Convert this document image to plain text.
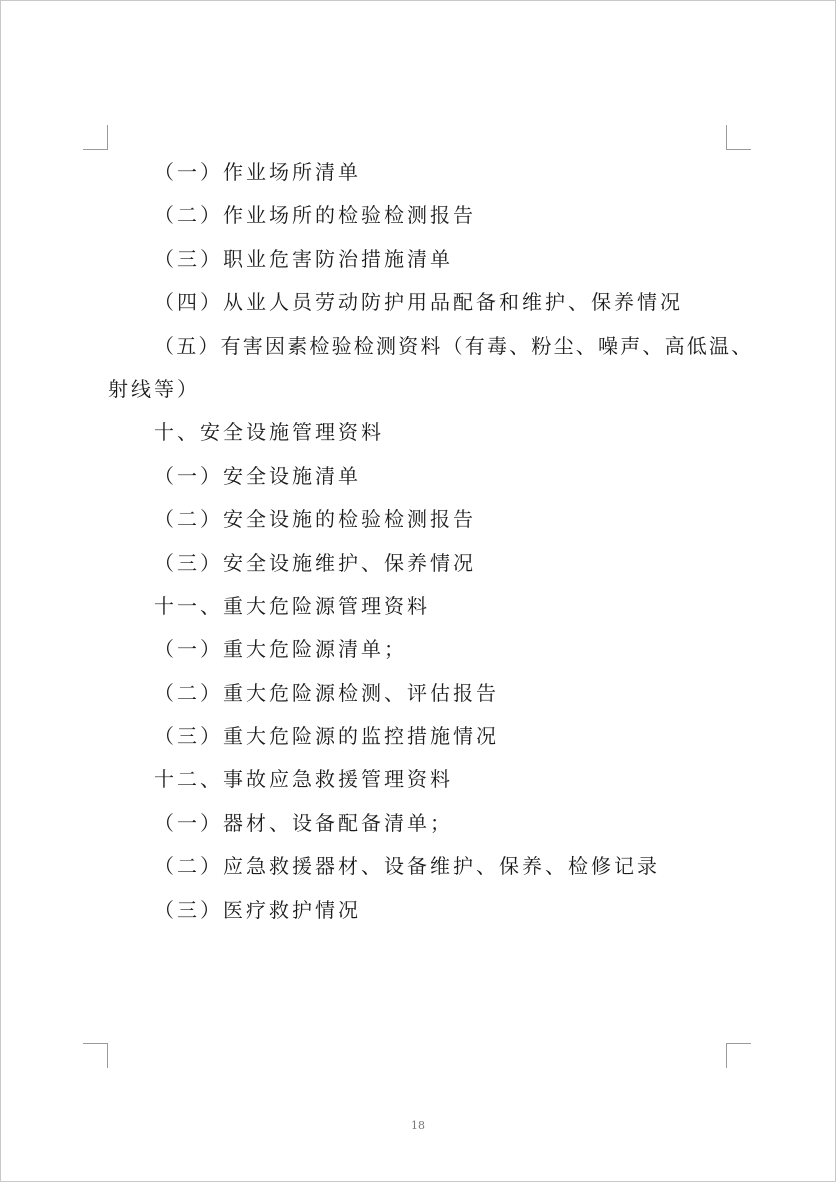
（一）作业场所清单
（二）作业场所的检验检测报告
（三）职业危害防治措施清单
（四）从业人员劳动防护用品配备和维护、保养情况
（五）有害因素检验检测资料（有毒、粉尘、噪声、高低温、
射线等）
十、安全设施管理资料
（一）安全设施清单
（二）安全设施的检验检测报告
（三）安全设施维护、保养情况
十一、重大危险源管理资料
（一）重大危险源清单；
（二）重大危险源检测、评估报告
（三）重大危险源的监控措施情况
十二、事故应急救援管理资料
（一）器材、设备配备清单；
（二）应急救援器材、设备维护、保养、检修记录
（三）医疗救护情况
18
